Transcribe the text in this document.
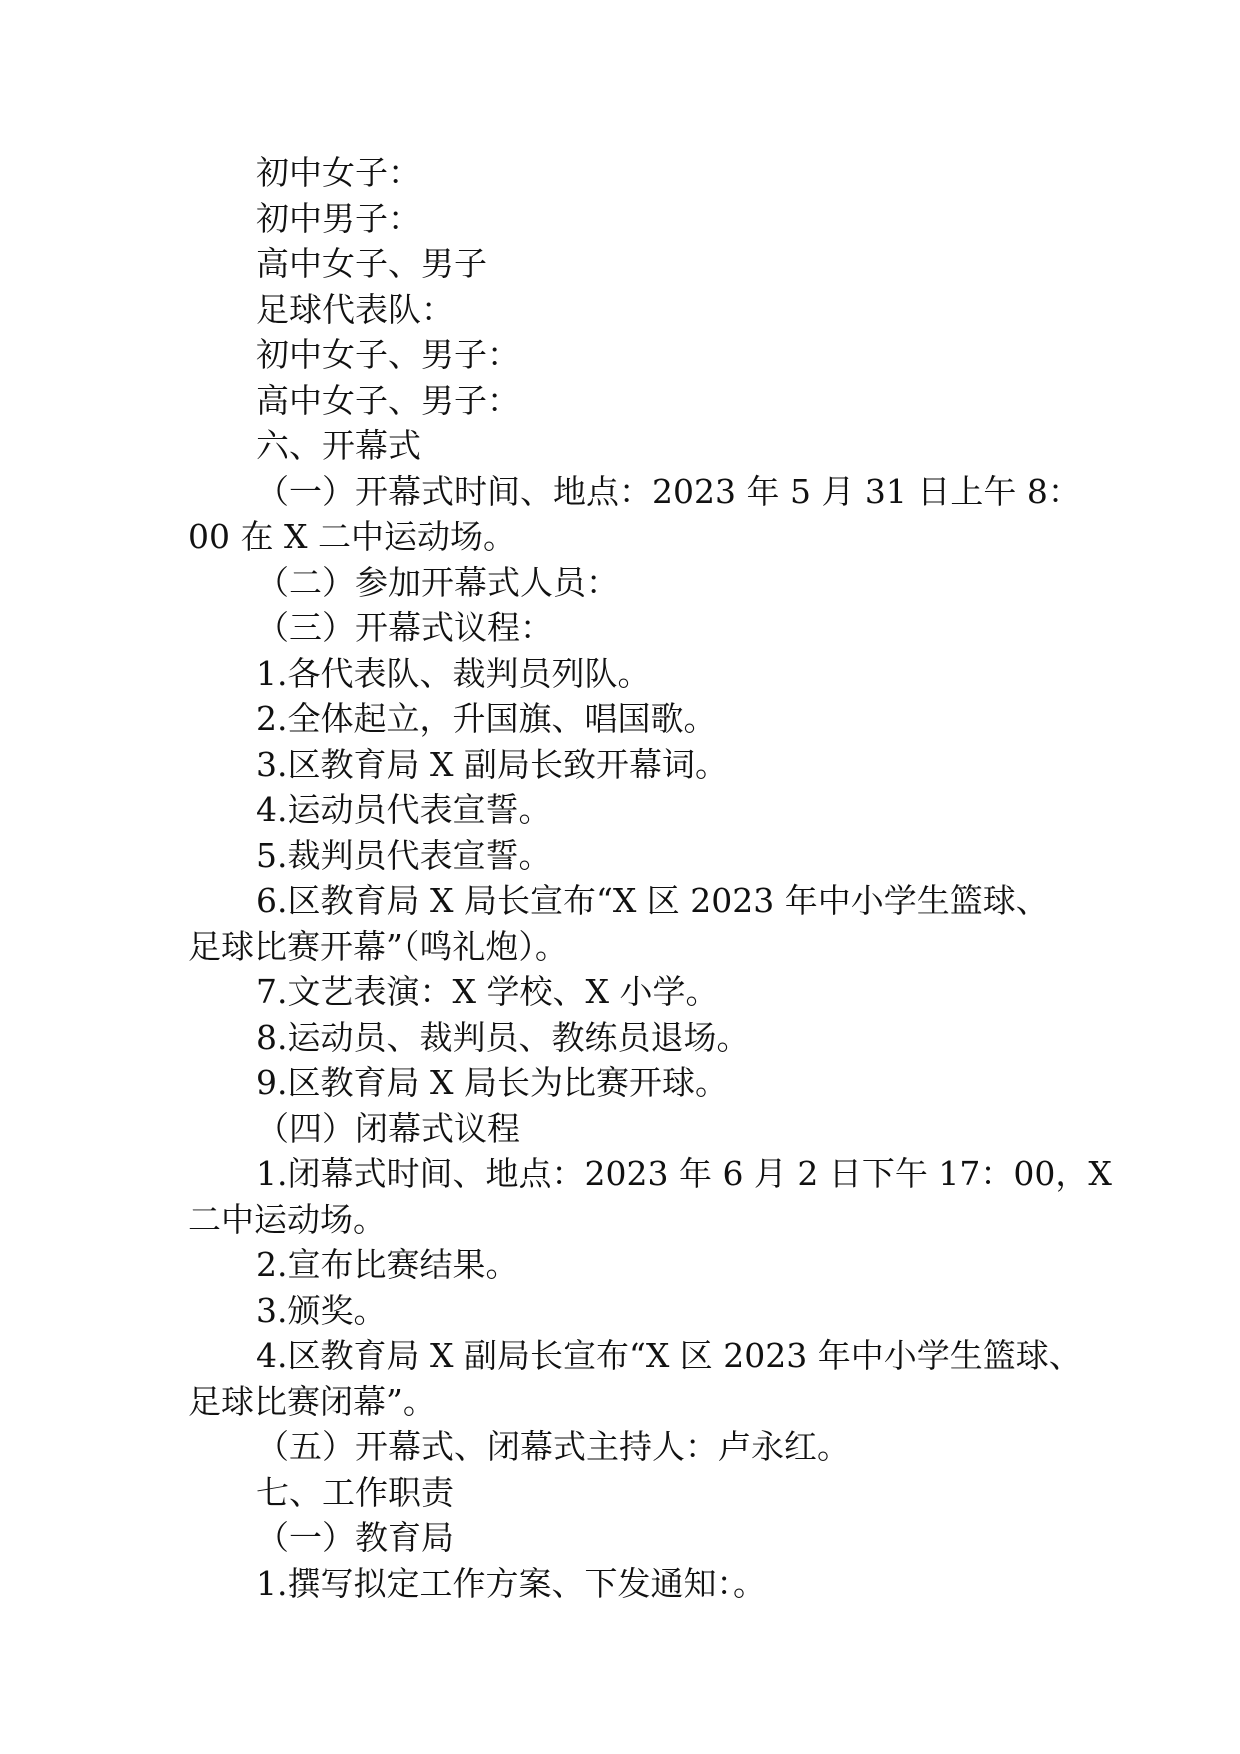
初中女子：

初中男子：

高中女子、男子

足球代表队：

初中女子、男子：

高中女子、男子：

六、开幕式

（一）开幕式时间、地点：2023 年 5 月 31 日上午 8：

00 在 X 二中运动场。

（二）参加开幕式人员：

（三）开幕式议程：

1.各代表队、裁判员列队。

2.全体起立，升国旗、唱国歌。

3.区教育局 X 副局长致开幕词。

4.运动员代表宣誓。

5.裁判员代表宣誓。

6.区教育局 X 局长宣布“X 区 2023 年中小学生篮球、

足球比赛开幕”（鸣礼炮）。

7.文艺表演：X 学校、X 小学。

8.运动员、裁判员、教练员退场。

9.区教育局 X 局长为比赛开球。

（四）闭幕式议程

1.闭幕式时间、地点：2023 年 6 月 2 日下午 17：00，X

二中运动场。

2.宣布比赛结果。

3.颁奖。

4.区教育局 X 副局长宣布“X 区 2023 年中小学生篮球、

足球比赛闭幕”。

（五）开幕式、闭幕式主持人：卢永红。

七、工作职责

（一）教育局

1.撰写拟定工作方案、下发通知：。
